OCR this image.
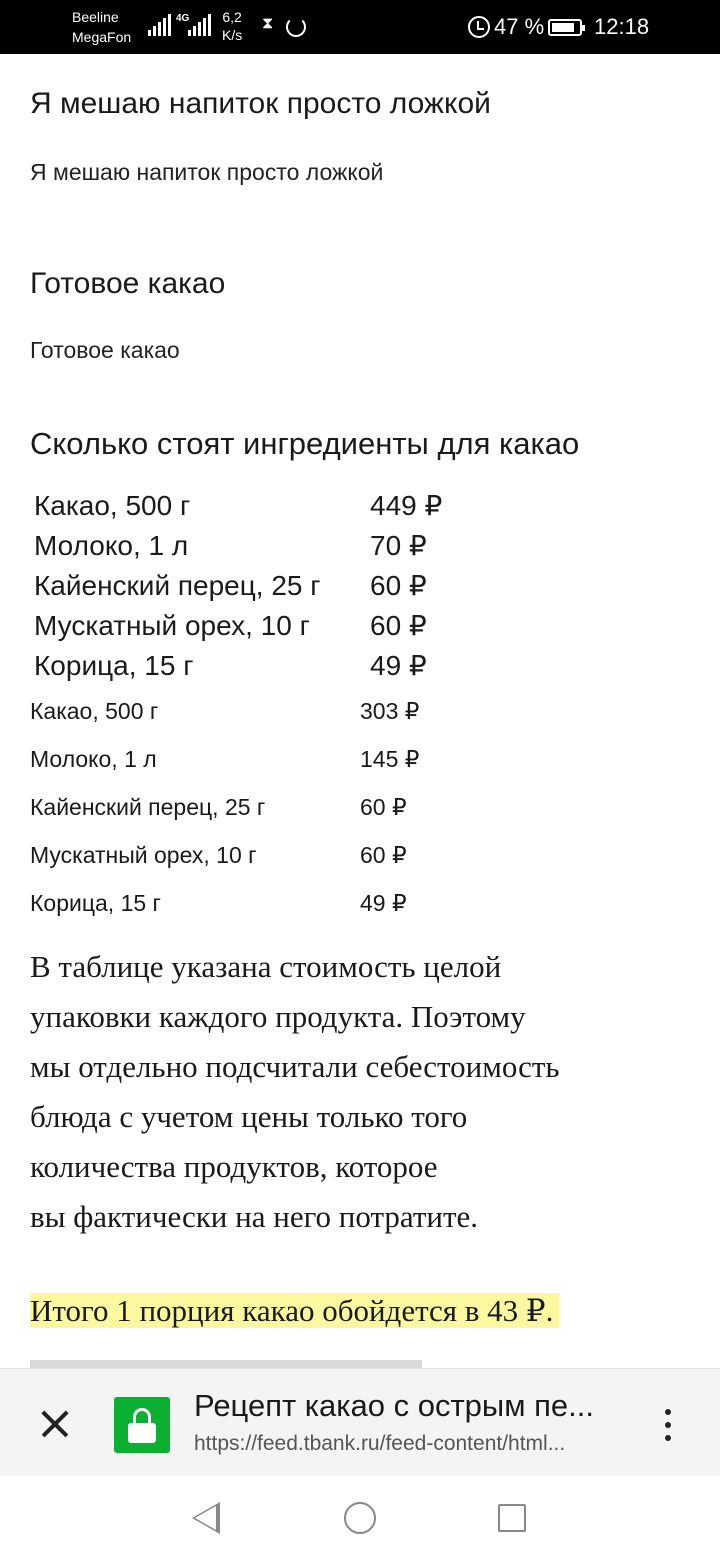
Beeline
MegaFon
4G 6,2
K/s
⧗	47 % 12:18
Я мешаю напиток просто ложкой
Я мешаю напиток просто ложкой
Готовое какао
Готовое какао
Сколько стоят ингредиенты для какао
Какао, 500 г	449 ₽
Молоко, 1 л	70 ₽
Кайенский перец, 25 г 60 ₽
Мускатный орех, 10 г 60 ₽
Корица, 15 г	49 ₽
Какао, 500 г	303 ₽
Молоко, 1 л	145 ₽
Кайенский перец, 25 г	60 ₽
Мускатный орех, 10 г	60 ₽
Корица, 15 г	49 ₽
В таблице указана стоимость целой
упаковки каждого продукта. Поэтому
мы отдельно подсчитали себестоимость
блюда с учетом цены только того
количества продуктов, которое
вы фактически на него потратите.
Итого 1 порция какао обойдется в 43 ₽.
Рецепт какао с острым пе...
https://feed.tbank.ru/feed-content/html...
